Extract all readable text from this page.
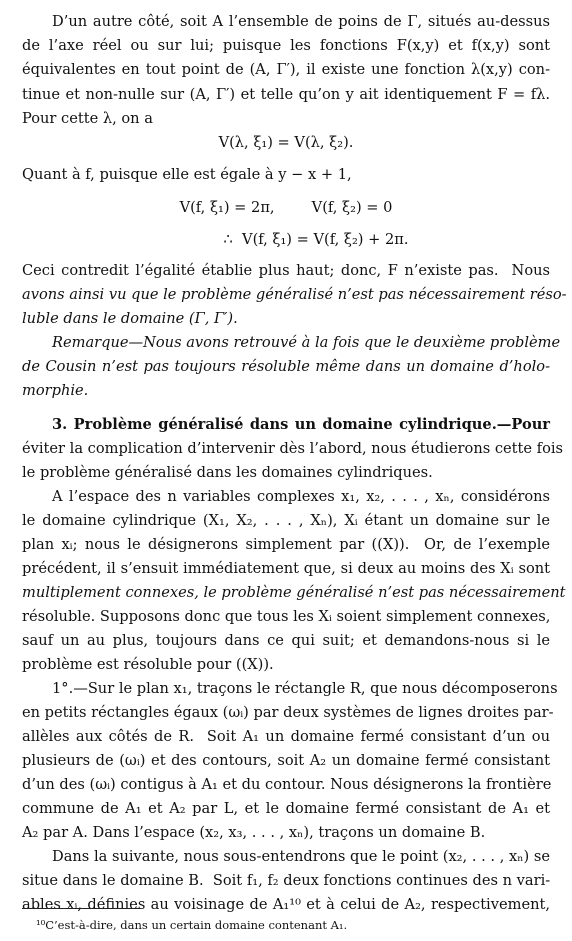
D’un autre côté, soit A l’ensemble de poins de Γ, situés au-dessus
de l’axe réel ou sur lui; puisque les fonctions F(x,y) et f(x,y) sont
équivalentes en tout point de (A, Γ′), il existe une fonction λ(x,y) con-
tinue et non-nulle sur (A, Γ′) et telle qu’on y ait identiquement F = fλ.
Pour cette λ, on a
V(λ, ξ₁) = V(λ, ξ₂).
Quant à f, puisque elle est égale à y − x + 1,
V(f, ξ₁) = 2π,        V(f, ξ₂) = 0
∴  V(f, ξ₁) = V(f, ξ₂) + 2π.
Ceci contredit l’égalité établie plus haut; donc, F n’existe pas.  Nous
avons ainsi vu que le problème généralisé n’est pas nécessairement réso-
luble dans le domaine (Γ, Γ′).
Remarque—Nous avons retrouvé à la fois que le deuxième problème
de Cousin n’est pas toujours résoluble même dans un domaine d’holo-
morphie.
3. Problème généralisé dans un domaine cylindrique.—Pour
éviter la complication d’intervenir dès l’abord, nous étudierons cette fois
le problème généralisé dans les domaines cylindriques.
A l’espace des n variables complexes x₁, x₂, . . . , xₙ, considérons
le domaine cylindrique (X₁, X₂, . . . , Xₙ), Xᵢ étant un domaine sur le
plan xᵢ; nous le désignerons simplement par ((X)).  Or, de l’exemple
précédent, il s’ensuit immédiatement que, si deux au moins des Xᵢ sont
multiplement connexes, le problème généralisé n’est pas nécessairement
résoluble. Supposons donc que tous les Xᵢ soient simplement connexes,
sauf un au plus, toujours dans ce qui suit; et demandons-nous si le
problème est résoluble pour ((X)).
1°.—Sur le plan x₁, traçons le réctangle R, que nous décomposerons
en petits réctangles égaux (ωᵢ) par deux systèmes de lignes droites par-
allèles aux côtés de R.  Soit A₁ un domaine fermé consistant d’un ou
plusieurs de (ωᵢ) et des contours, soit A₂ un domaine fermé consistant
d’un des (ωᵢ) contigus à A₁ et du contour. Nous désignerons la frontière
commune de A₁ et A₂ par L, et le domaine fermé consistant de A₁ et
A₂ par A. Dans l’espace (x₂, x₃, . . . , xₙ), traçons un domaine B.
Dans la suivante, nous sous-entendrons que le point (x₂, . . . , xₙ) se
situe dans le domaine B.  Soit f₁, f₂ deux fonctions continues des n vari-
ables xᵢ, définies au voisinage de A₁¹⁰ et à celui de A₂, respectivement,
¹⁰C’est-à-dire, dans un certain domaine contenant A₁.
